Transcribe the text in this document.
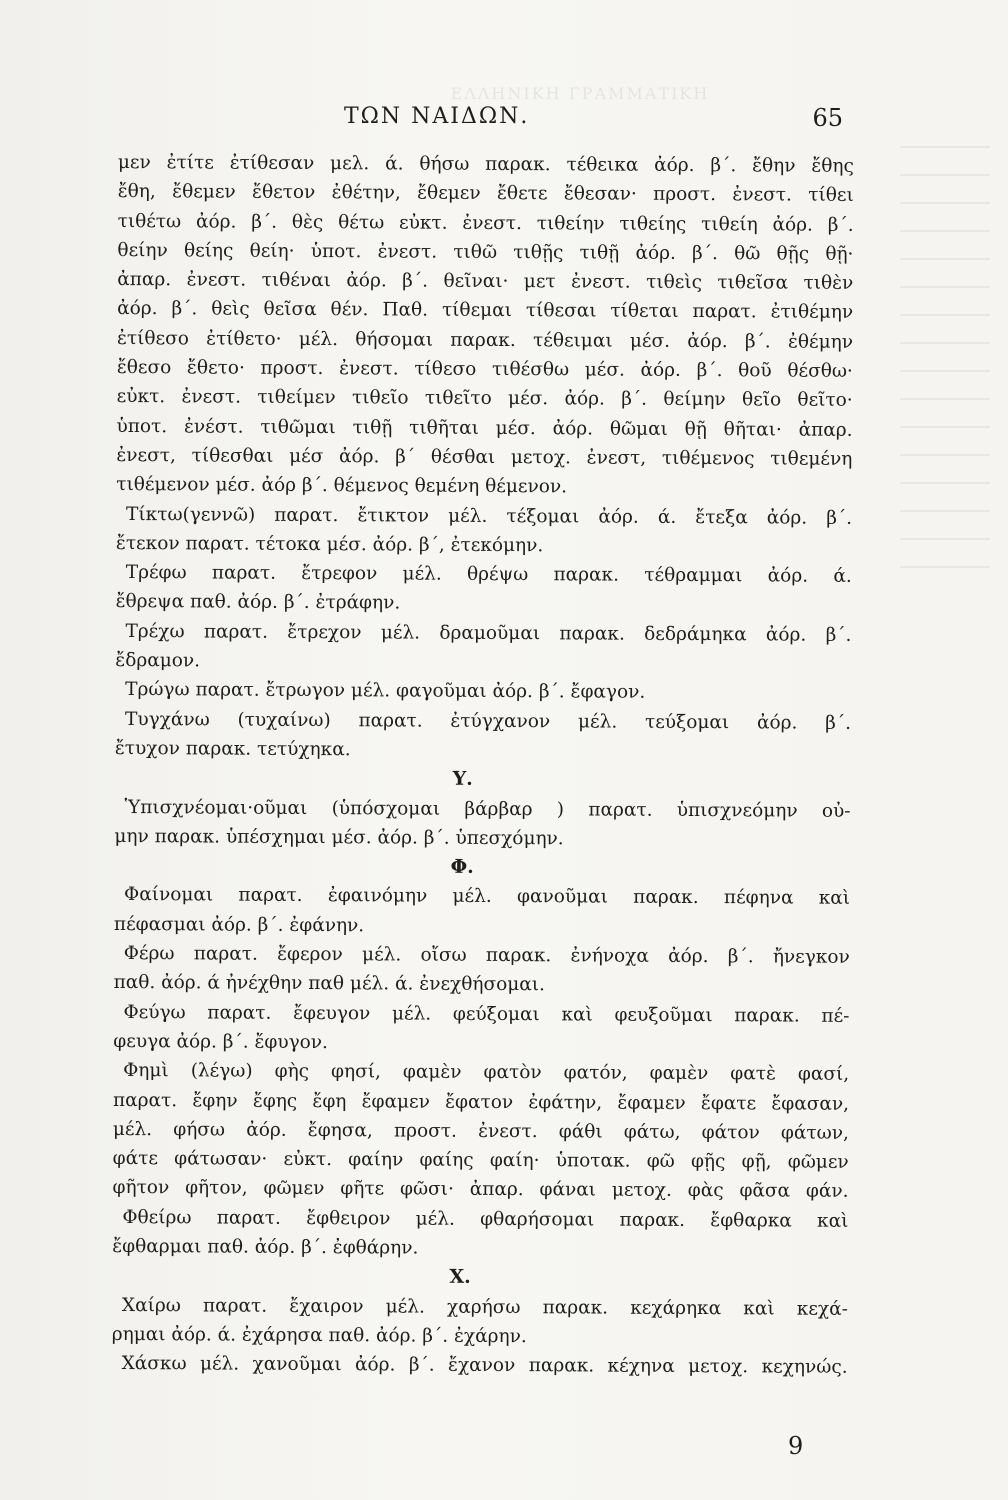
ΕΛΛΗΝΙΚΗ ΓΡΑΜΜΑΤΙΚΗ
ΤΩΝ ΝΑΙΔΩΝ.	65
μεν ἐτίτε ἐτίθεσαν μελ. ά. θήσω παρακ. τέθεικα ἀόρ. β΄. ἔθην ἔθης
ἔθη, ἔθεμεν ἔθετον ἐθέτην, ἔθεμεν ἔθετε ἔθεσαν· προστ. ἐνεστ. τίθει
τιθέτω ἀόρ. β΄. θὲς θέτω εὐκτ. ἐνεστ. τιθείην τιθείης τιθείη ἀόρ. β΄.
θείην θείης θείη· ὑποτ. ἐνεστ. τιθῶ τιθῇς τιθῇ ἀόρ. β΄. θῶ θῇς θῇ·
ἀπαρ. ἐνεστ. τιθέναι ἀόρ. β΄. θεῖναι· μετ ἐνεστ. τιθεὶς τιθεῖσα τιθὲν
ἀόρ. β΄. θεὶς θεῖσα θέν. Παθ. τίθεμαι τίθεσαι τίθεται παρατ. ἐτιθέμην
ἐτίθεσο ἐτίθετο· μέλ. θήσομαι παρακ. τέθειμαι μέσ. ἀόρ. β΄. ἐθέμην
ἔθεσο ἔθετο· προστ. ἐνεστ. τίθεσο τιθέσθω μέσ. ἀόρ. β΄. θοῦ θέσθω·
εὐκτ. ἐνεστ. τιθείμεν τιθεῖο τιθεῖτο μέσ. ἀόρ. β΄. θείμην θεῖο θεῖτο·
ὑποτ. ἐνέστ. τιθῶμαι τιθῇ τιθῆται μέσ. ἀόρ. θῶμαι θῇ θῆται· ἀπαρ.
ἐνεστ, τίθεσθαι μέσ ἀόρ. β΄ θέσθαι μετοχ. ἐνεστ, τιθέμενος τιθεμένη
τιθέμενον μέσ. ἀόρ β΄. θέμενος θεμένη θέμενον.
Τίκτω(γεννῶ) παρατ. ἔτικτον μέλ. τέξομαι ἀόρ. ά. ἔτεξα ἀόρ. β΄.
ἔτεκον παρατ. τέτοκα μέσ. ἀόρ. β΄, ἐτεκόμην.
Τρέφω παρατ. ἔτρεφον μέλ. θρέψω παρακ. τέθραμμαι ἀόρ. ά.
ἔθρεψα παθ. ἀόρ. β΄. ἐτράφην.
Τρέχω παρατ. ἔτρεχον μέλ. δραμοῦμαι παρακ. δεδράμηκα ἀόρ. β΄.
ἔδραμον.
Τρώγω παρατ. ἔτρωγον μέλ. φαγοῦμαι ἀόρ. β΄. ἔφαγον.
Τυγχάνω (τυχαίνω) παρατ. ἐτύγχανον μέλ. τεύξομαι ἀόρ. β΄.
ἔτυχον παρακ. τετύχηκα.
Υ.
Ὑπισχνέομαι·οῦμαι (ὑπόσχομαι βάρβαρ ) παρατ. ὑπισχνεόμην οὐ-
μην παρακ. ὑπέσχημαι μέσ. ἀόρ. β΄. ὑπεσχόμην.
Φ.
Φαίνομαι παρατ. ἐφαινόμην μέλ. φανοῦμαι παρακ. πέφηνα καὶ
πέφασμαι ἀόρ. β΄. ἐφάνην.
Φέρω παρατ. ἔφερον μέλ. οἴσω παρακ. ἐνήνοχα ἀόρ. β΄. ἤνεγκον
παθ. ἀόρ. ά ἠνέχθην παθ μέλ. ά. ἐνεχθήσομαι.
Φεύγω παρατ. ἔφευγον μέλ. φεύξομαι καὶ φευξοῦμαι παρακ. πέ-
φευγα ἀόρ. β΄. ἔφυγον.
Φημὶ (λέγω) φὴς φησί, φαμὲν φατὸν φατόν, φαμὲν φατὲ φασί,
παρατ. ἔφην ἔφης ἔφη ἔφαμεν ἔφατον ἐφάτην, ἔφαμεν ἔφατε ἔφασαν,
μέλ. φήσω ἀόρ. ἔφησα, προστ. ἐνεστ. φάθι φάτω, φάτον φάτων,
φάτε φάτωσαν· εὐκτ. φαίην φαίης φαίη· ὑποτακ. φῶ φῇς φῇ, φῶμεν
φῆτον φῆτον, φῶμεν φῆτε φῶσι· ἀπαρ. φάναι μετοχ. φὰς φᾶσα φάν.
Φθείρω παρατ. ἔφθειρον μέλ. φθαρήσομαι παρακ. ἔφθαρκα καὶ
ἔφθαρμαι παθ. ἀόρ. β΄. ἐφθάρην.
Χ.
Χαίρω παρατ. ἔχαιρον μέλ. χαρήσω παρακ. κεχάρηκα καὶ κεχά-
ρημαι ἀόρ. ά. ἐχάρησα παθ. ἀόρ. β΄. ἐχάρην.
Χάσκω μέλ. χανοῦμαι ἀόρ. β΄. ἔχανον παρακ. κέχηνα μετοχ. κεχηνώς.
9
